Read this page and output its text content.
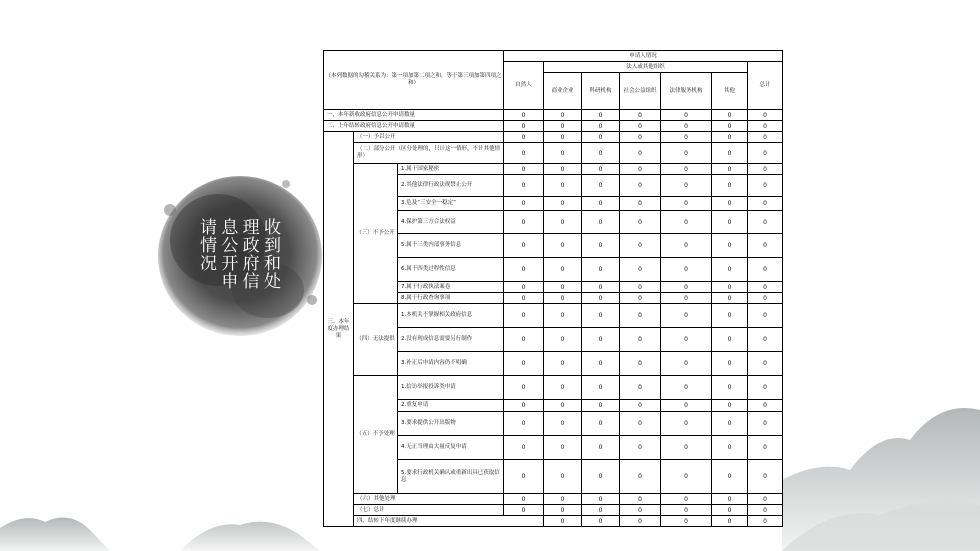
收到和处
理政府信
息公开申
请情况
（本列数据的勾稽关系为：第一项加第二项之和，等于第三项加第四项之和）			申请人情况							
			自然人	法人或其他组织					总计	
				商业企业	科研机构	社会公益组织	法律服务机构	其他		
一、本年新收政府信息公开申请数量			0	0	0	0	0	0	0	
二、上年结转政府信息公开申请数量			0	0	0	0	0	0	0	
三、本年度办理结果	（一）予以公开		0	0	0	0	0	0	0	
	（二）部分公开（区分处理的，只计这一情形，不计其他情形）		0	0	0	0	0	0	0	
	（三）不予公开	1.属于国家秘密	0	0	0	0	0	0	0	
		2.其他法律行政法规禁止公开	0	0	0	0	0	0	0	
		3.危及“三安全一稳定”	0	0	0	0	0	0	0	
		4.保护第三方合法权益	0	0	0	0	0	0	0	
		5.属于三类内部事务信息	0	0	0	0	0	0	0	
		6.属于四类过程性信息	0	0	0	0	0	0	0	
		7.属于行政执法案卷	0	0	0	0	0	0	0	
		8.属于行政查询事项	0	0	0	0	0	0	0	
	（四）无法提供	1.本机关不掌握相关政府信息	0	0	0	0	0	0	0	
		2.没有现成信息需要另行制作	0	0	0	0	0	0	0	
		3.补正后申请内容仍不明确	0	0	0	0	0	0	0	
	（五）不予处理	1.信访举报投诉类申请	0	0	0	0	0	0	0	
		2.重复申请	0	0	0	0	0	0	0	
		3.要求提供公开出版物	0	0	0	0	0	0	0	
		4.无正当理由大量反复申请	0	0	0	0	0	0	0	
		5.要求行政机关确认或重新出具已获取信息	0	0	0	0	0	0	0	
	（六）其他处理		0	0	0	0	0	0	0	
	（七）总计		0	0	0	0	0	0	0	
	四、结转下年度继续办理			0	0	0	0	0	0	
